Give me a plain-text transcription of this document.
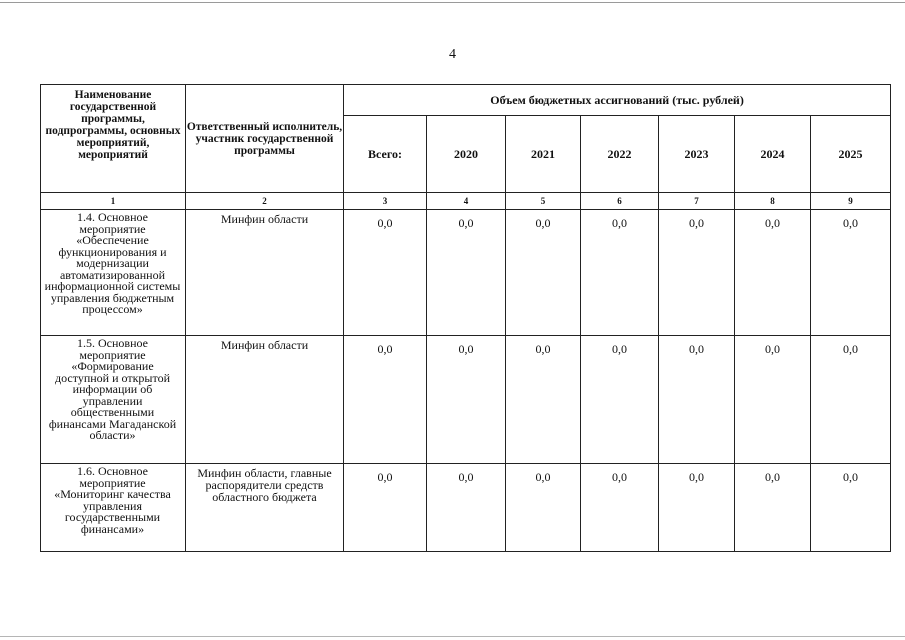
4
Наименование государственной программы, подпрограммы, основных мероприятий, мероприятий	Ответственный исполнитель, участник государственной программы	Объем бюджетных ассигнований (тыс. рублей)						
		Всего:	2020	2021	2022	2023	2024	2025
1	2	3	4	5	6	7	8	9
1.4. Основное мероприятие «Обеспечение функционирования и модернизации автоматизированной информационной системы управления бюджетным процессом»	Минфин области	0,0	0,0	0,0	0,0	0,0	0,0	0,0
1.5. Основное мероприятие «Формирование доступной и открытой информации об управлении общественными финансами Магаданской области»	Минфин области	0,0	0,0	0,0	0,0	0,0	0,0	0,0
1.6. Основное мероприятие «Мониторинг качества управления государственными финансами»	Минфин области, главные распорядители средств областного бюджета	0,0	0,0	0,0	0,0	0,0	0,0	0,0
